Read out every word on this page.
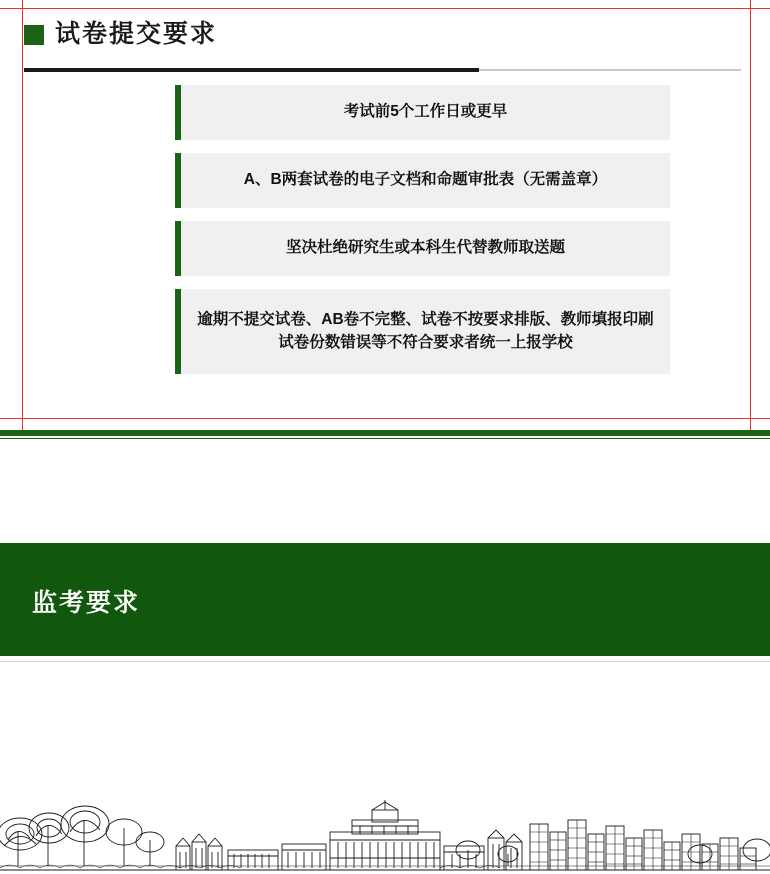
试卷提交要求
考试前5个工作日或更早
A、B两套试卷的电子文档和命题审批表（无需盖章）
坚决杜绝研究生或本科生代替教师取送题
逾期不提交试卷、AB卷不完整、试卷不按要求排版、教师填报印刷试卷份数错误等不符合要求者统一上报学校
监考要求
